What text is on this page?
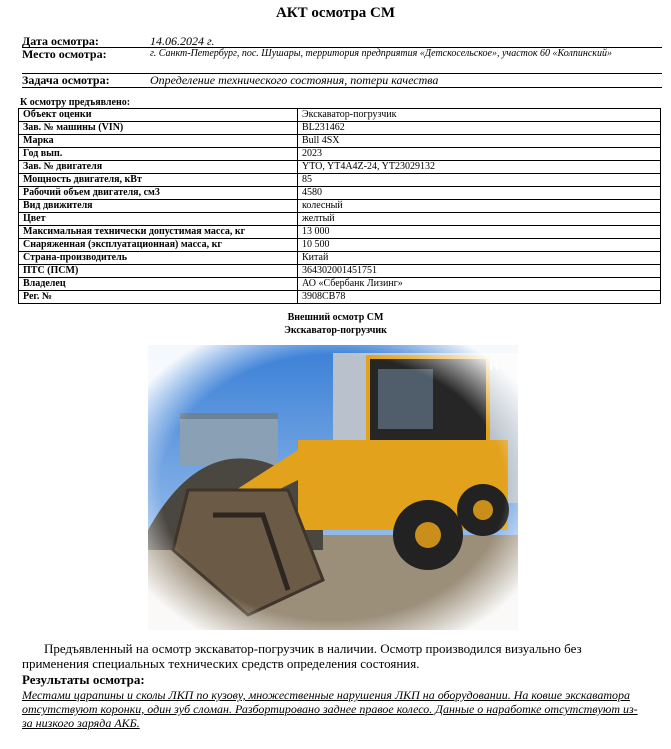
АКТ осмотра СМ
Дата осмотра:	14.06.2024 г.
Место осмотра:	г. Санкт-Петербург, пос. Шушары, территория предприятия «Детскосельское», участок 60 «Колпинский»
Задача осмотра:	Определение технического состояния, потери качества
К осмотру предъявлено:
Объект оценки	Экскаватор-погрузчик
Зав. № машины (VIN)	BL231462
Марка	Bull 4SX
Год вып.	2023
Зав. № двигателя	YTO, YT4A4Z-24, YT23029132
Мощность двигателя, кВт	85
Рабочий объем двигателя, см3	4580
Вид движителя	колесный
Цвет	желтый
Максимальная технически допустимая масса, кг	13 000
Снаряженная (эксплуатационная) масса, кг	10 500
Страна-производитель	Китай
ПТС (ПСМ)	364302001451751
Владелец	АО «Сбербанк Лизинг»
Рег. №	3908СВ78
Внешний осмотр СМ
Экскаватор-погрузчик
Предъявленный на осмотр экскаватор-погрузчик в наличии. Осмотр производился визуально без применения специальных технических средств определения состояния.
Результаты осмотра:
Местами царапины и сколы ЛКП по кузову, множественные нарушения ЛКП на оборудовании. На ковше экскаватора отсутствуют коронки, один зуб сломан. Разбортировано заднее правое колесо. Данные о наработке отсутствуют из-за низкого заряда АКБ.
